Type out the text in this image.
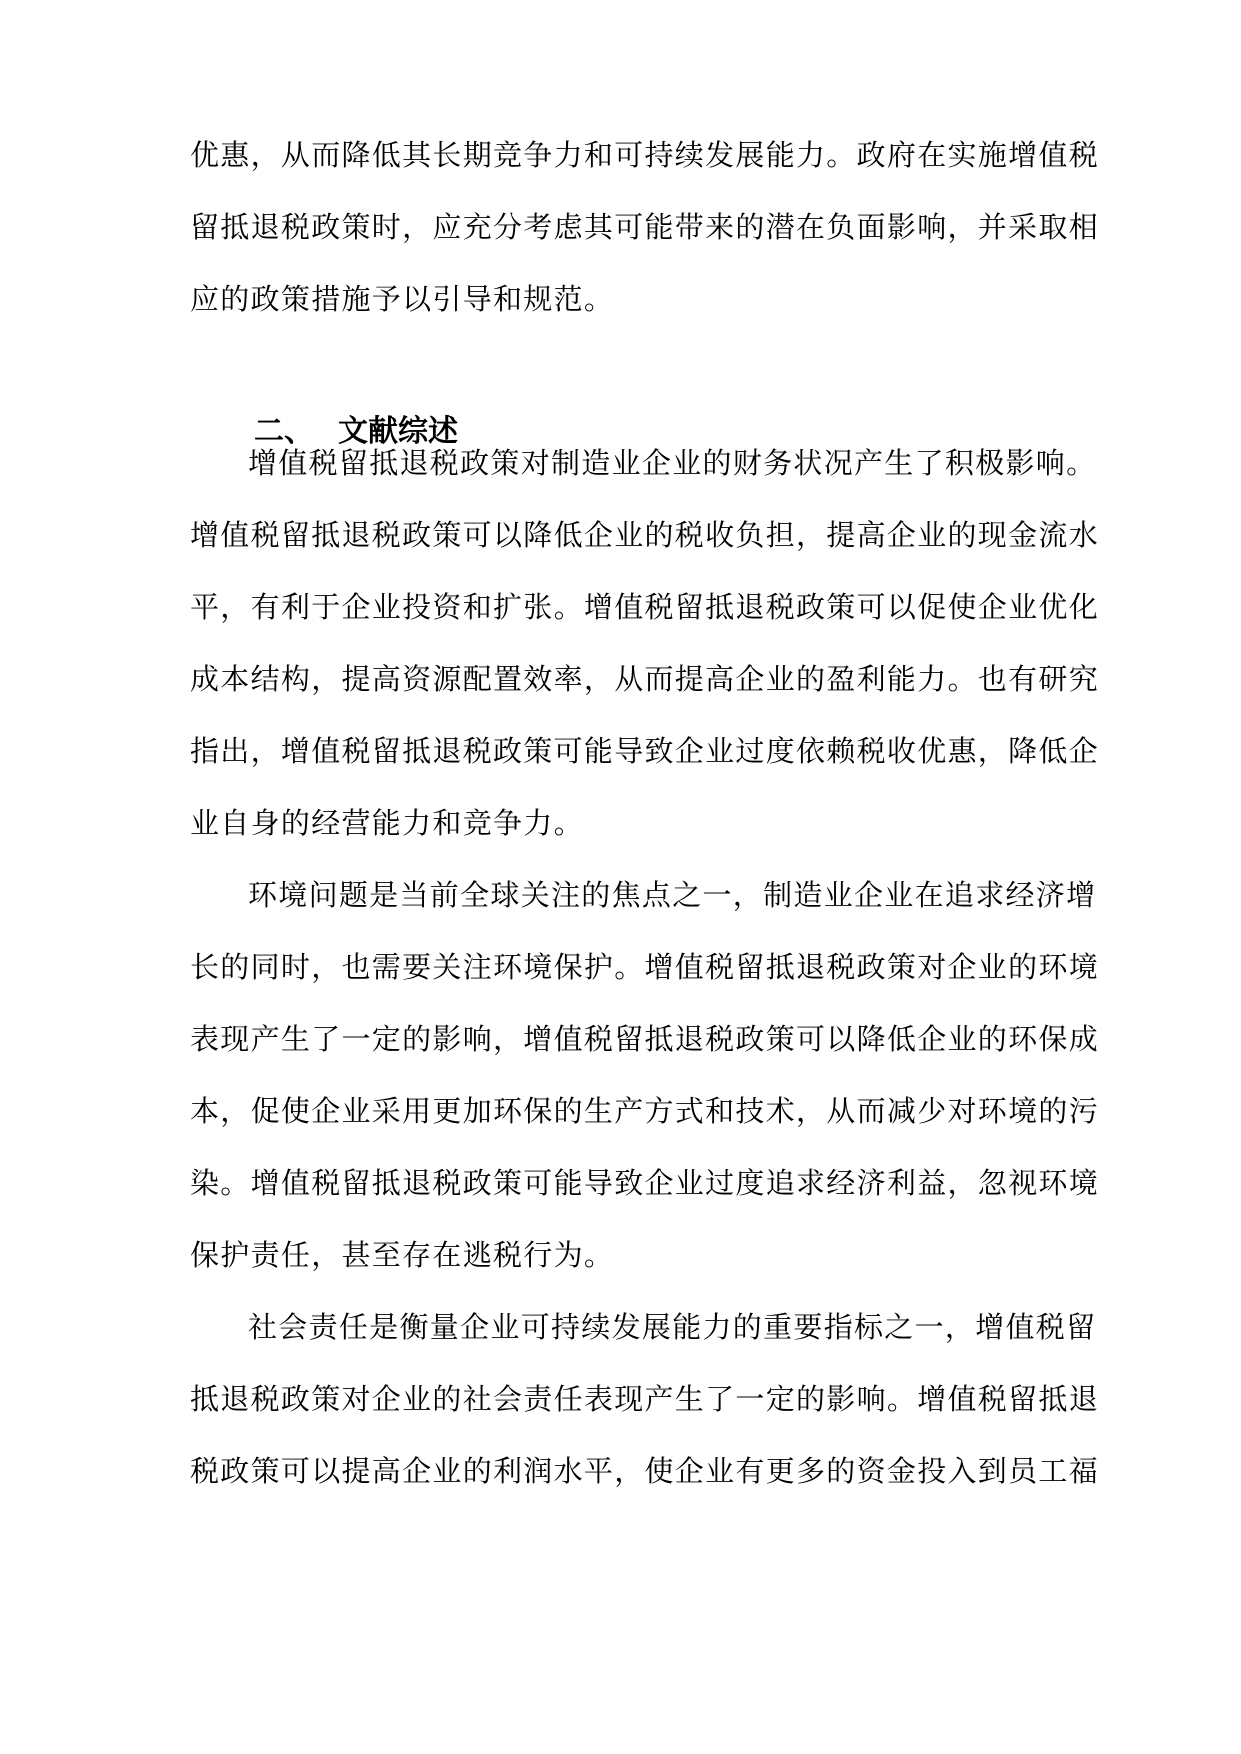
优惠，从而降低其长期竞争力和可持续发展能力。政府在实施增值税
留抵退税政策时，应充分考虑其可能带来的潜在负面影响，并采取相
应的政策措施予以引导和规范。
二、 文献综述
增值税留抵退税政策对制造业企业的财务状况产生了积极影响。
增值税留抵退税政策可以降低企业的税收负担，提高企业的现金流水
平，有利于企业投资和扩张。增值税留抵退税政策可以促使企业优化
成本结构，提高资源配置效率，从而提高企业的盈利能力。也有研究
指出，增值税留抵退税政策可能导致企业过度依赖税收优惠，降低企
业自身的经营能力和竞争力。
环境问题是当前全球关注的焦点之一，制造业企业在追求经济增
长的同时，也需要关注环境保护。增值税留抵退税政策对企业的环境
表现产生了一定的影响，增值税留抵退税政策可以降低企业的环保成
本，促使企业采用更加环保的生产方式和技术，从而减少对环境的污
染。增值税留抵退税政策可能导致企业过度追求经济利益，忽视环境
保护责任，甚至存在逃税行为。
社会责任是衡量企业可持续发展能力的重要指标之一，增值税留
抵退税政策对企业的社会责任表现产生了一定的影响。增值税留抵退
税政策可以提高企业的利润水平，使企业有更多的资金投入到员工福
